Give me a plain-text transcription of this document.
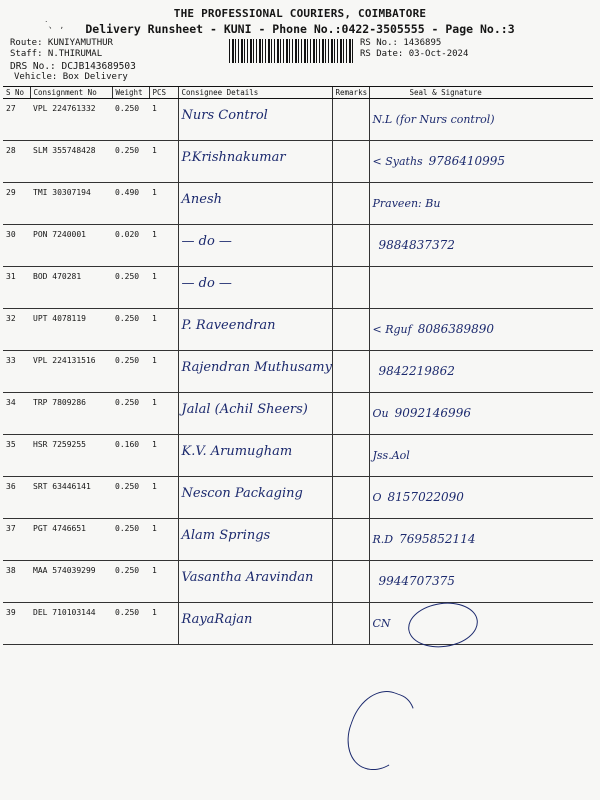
THE PROFESSIONAL COURIERS, COIMBATORE
˙、 ,	Delivery Runsheet - KUNI - Phone No.:0422-3505555 - Page No.:3
Route: KUNIYAMUTHUR
Staff: N.THIRUMAL
DRS No.: DCJB143689503
Vehicle: Box Delivery
RS No.: 1436895
RS Date: 03-Oct-2024
S No	Consignment No	Weight	PCS	Consignee Details	Remarks	Seal & Signature
27	VPL 224761332	0.250	1	Nurs Control		N.L (for Nurs control)
28	SLM 355748428	0.250	1	P.Krishnakumar		< Syaths 9786410995
29	TMI 30307194	0.490	1	Anesh		Praveen: Bu
30	PON 7240001	0.020	1	— do —		9884837372
31	BOD 470281	0.250	1	— do —		
32	UPT 4078119	0.250	1	P. Raveendran		< Rguf 8086389890
33	VPL 224131516	0.250	1	Rajendran Muthusamy		9842219862
34	TRP 7809286	0.250	1	Jalal (Achil Sheers)		Ou 9092146996
35	HSR 7259255	0.160	1	K.V. Arumugham		Jss.Aol
36	SRT 63446141	0.250	1	Nescon Packaging		O 8157022090
37	PGT 4746651	0.250	1	Alam Springs		R.D 7695852114
38	MAA 574039299	0.250	1	Vasantha Aravindan		9944707375
39	DEL 710103144	0.250	1	RayaRajan		CN
